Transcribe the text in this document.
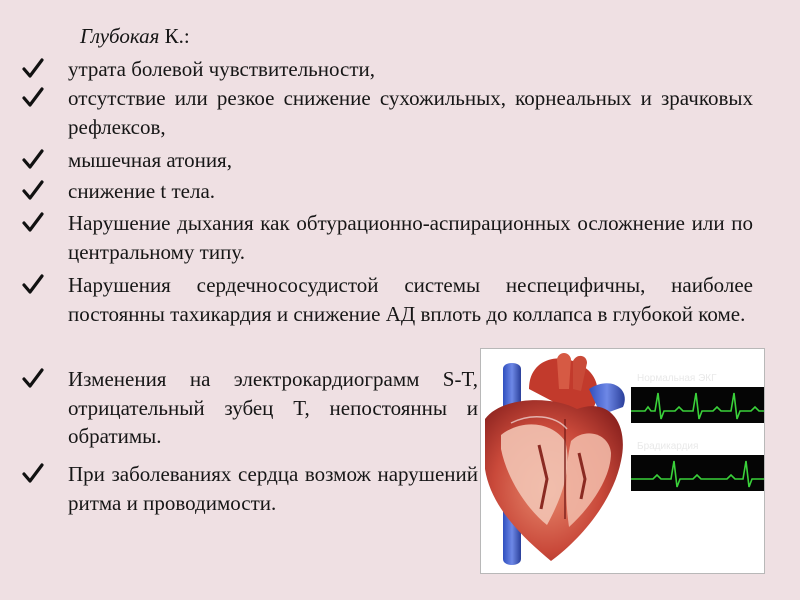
Глубокая К.:
утрата болевой чувствительности,
отсутствие или резкое снижение сухожильных, корнеальных и зрачковых рефлексов,
мышечная атония,
снижение t тела.
Нарушение дыхания как обтурационно-аспирационных осложнение или по центральному типу.
Нарушения сердечнососудистой системы неспецифичны, наиболее постоянны тахикардия и снижение АД вплоть до коллапса в глубокой коме.
Изменения на электрокардиограмм S-T, отрицательный зубец T, непостоянны и обратимы.
При заболеваниях сердца возмож нарушений ритма и проводимости.
Нормальная ЭКГ
Брадикардия
